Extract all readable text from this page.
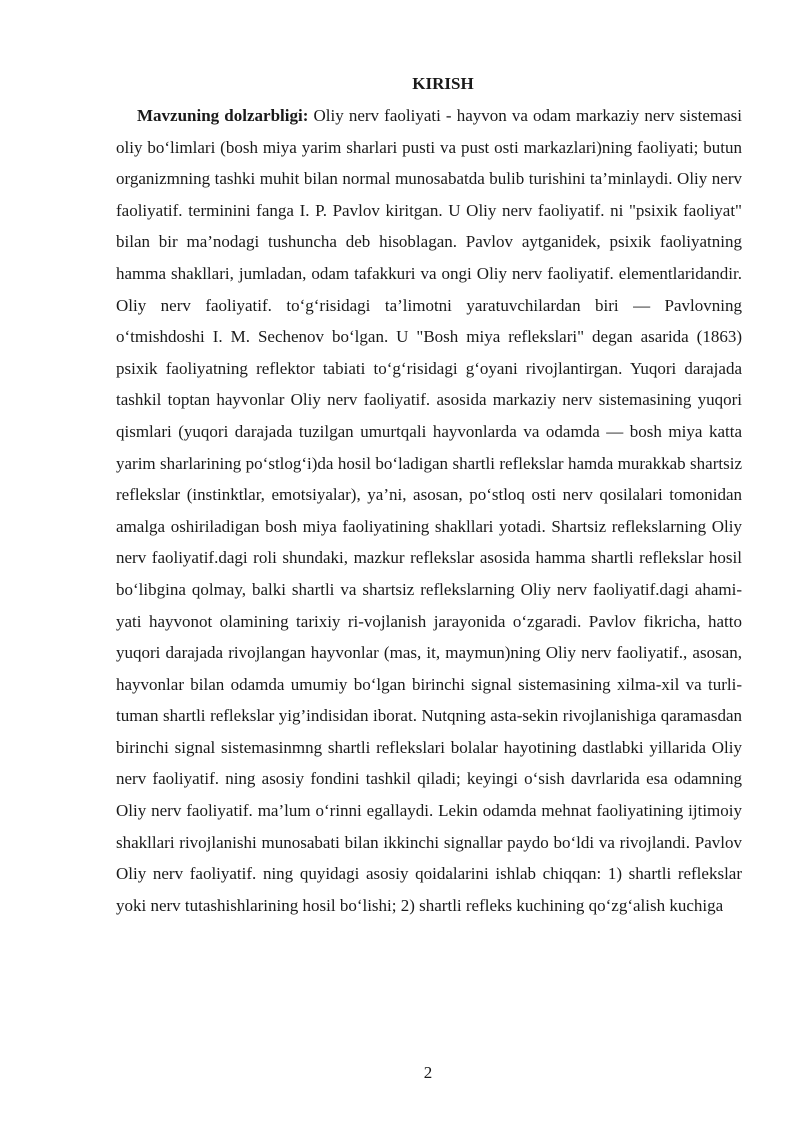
KIRISH

Mavzuning dolzarbligi: Oliy nerv faoliyati - hayvon va odam markaziy nerv sistemasi oliy bo‘limlari (bosh miya yarim sharlari pusti va pust osti markazlari)ning faoliyati; butun organizmning tashki muhit bilan normal munosabatda bulib turishini ta’minlaydi. Oliy nerv faoliyatif. terminini fanga I. P. Pavlov kiritgan. U Oliy nerv faoliyatif. ni "psixik faoliyat" bilan bir ma’nodagi tushuncha deb hisoblagan. Pavlov aytganidek, psixik faoliyatning hamma shakllari, jumladan, odam tafakkuri va ongi Oliy nerv faoliyatif. elementlaridandir. Oliy nerv faoliyatif. to‘g‘risidagi ta’limotni yaratuvchilardan biri — Pavlovning o‘tmishdoshi I. M. Sechenov bo‘lgan. U "Bosh miya reflekslari" degan asarida (1863) psixik faoliyatning reflektor tabiati to‘g‘risidagi g‘oyani rivojlantirgan. Yuqori darajada tashkil toptan hayvonlar Oliy nerv faoliyatif. asosida markaziy nerv sistemasining yuqori qismlari (yuqori darajada tuzilgan umurtqali hayvonlarda va odamda — bosh miya katta yarim sharlarining po‘stlog‘i)da hosil bo‘ladigan shartli reflekslar hamda murakkab shartsiz reflekslar (instinktlar, emotsiyalar), ya’ni, asosan, po‘stloq osti nerv qosilalari tomonidan amalga oshiriladigan bosh miya faoliyatining shakllari yotadi. Shartsiz reflekslarning Oliy nerv faoliyatif.dagi roli shundaki, mazkur reflekslar asosida hamma shartli reflekslar hosil bo‘libgina qolmay, balki shartli va shartsiz reflekslarning Oliy nerv faoliyatif.dagi ahami-yati hayvonot olamining tarixiy ri-vojlanish jarayonida o‘zgaradi. Pavlov fikricha, hatto yuqori darajada rivojlangan hayvonlar (mas, it, maymun)ning Oliy nerv faoliyatif., asosan, hayvonlar bilan odamda umumiy bo‘lgan birinchi signal sistemasining xilma-xil va turli-tuman shartli reflekslar yig’indisidan iborat. Nutqning asta-sekin rivojlanishiga qaramasdan birinchi signal sistemasinmng shartli reflekslari bolalar hayotining dastlabki yillarida Oliy nerv faoliyatif. ning asosiy fondini tashkil qiladi; keyingi o‘sish davrlarida esa odamning Oliy nerv faoliyatif. ma’lum o‘rinni egallaydi. Lekin odamda mehnat faoliyatining ijtimoiy shakllari rivojlanishi munosabati bilan ikkinchi signallar paydo bo‘ldi va rivojlandi. Pavlov Oliy nerv faoliyatif. ning quyidagi asosiy qoidalarini ishlab chiqqan: 1) shartli reflekslar yoki nerv tutashishlarining hosil bo‘lishi; 2) shartli refleks kuchining qo‘zg‘alish kuchiga

2
